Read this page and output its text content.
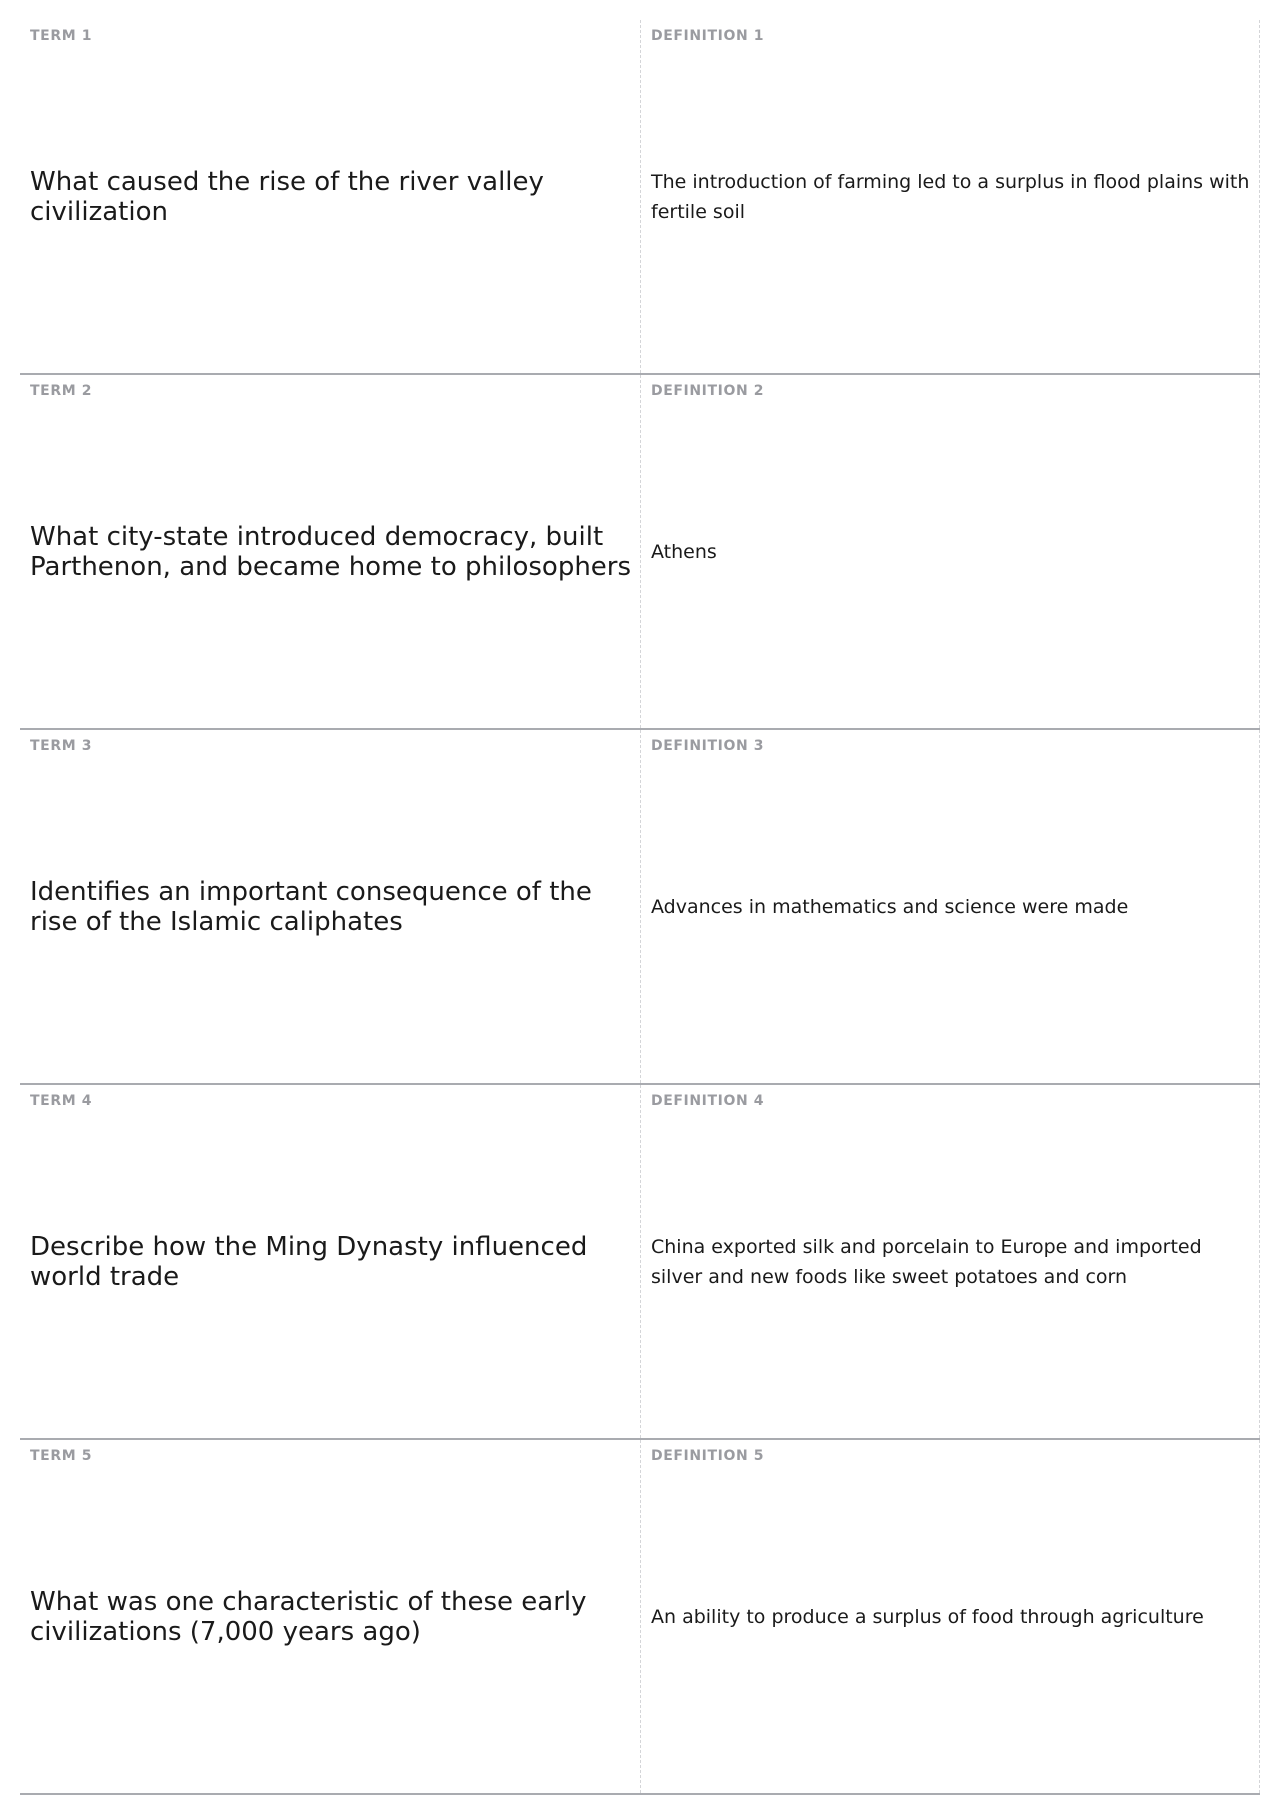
TERM 1
What caused the rise of the river valley civilization
DEFINITION 1
The introduction of farming led to a surplus in flood plains with fertile soil
TERM 2
What city-state introduced democracy, built Parthenon, and became home to philosophers
DEFINITION 2
Athens
TERM 3
Identifies an important consequence of the rise of the Islamic caliphates
DEFINITION 3
Advances in mathematics and science were made
TERM 4
Describe how the Ming Dynasty influenced world trade
DEFINITION 4
China exported silk and porcelain to Europe and imported silver and new foods like sweet potatoes and corn
TERM 5
What was one characteristic of these early civilizations (7,000 years ago)
DEFINITION 5
An ability to produce a surplus of food through agriculture
